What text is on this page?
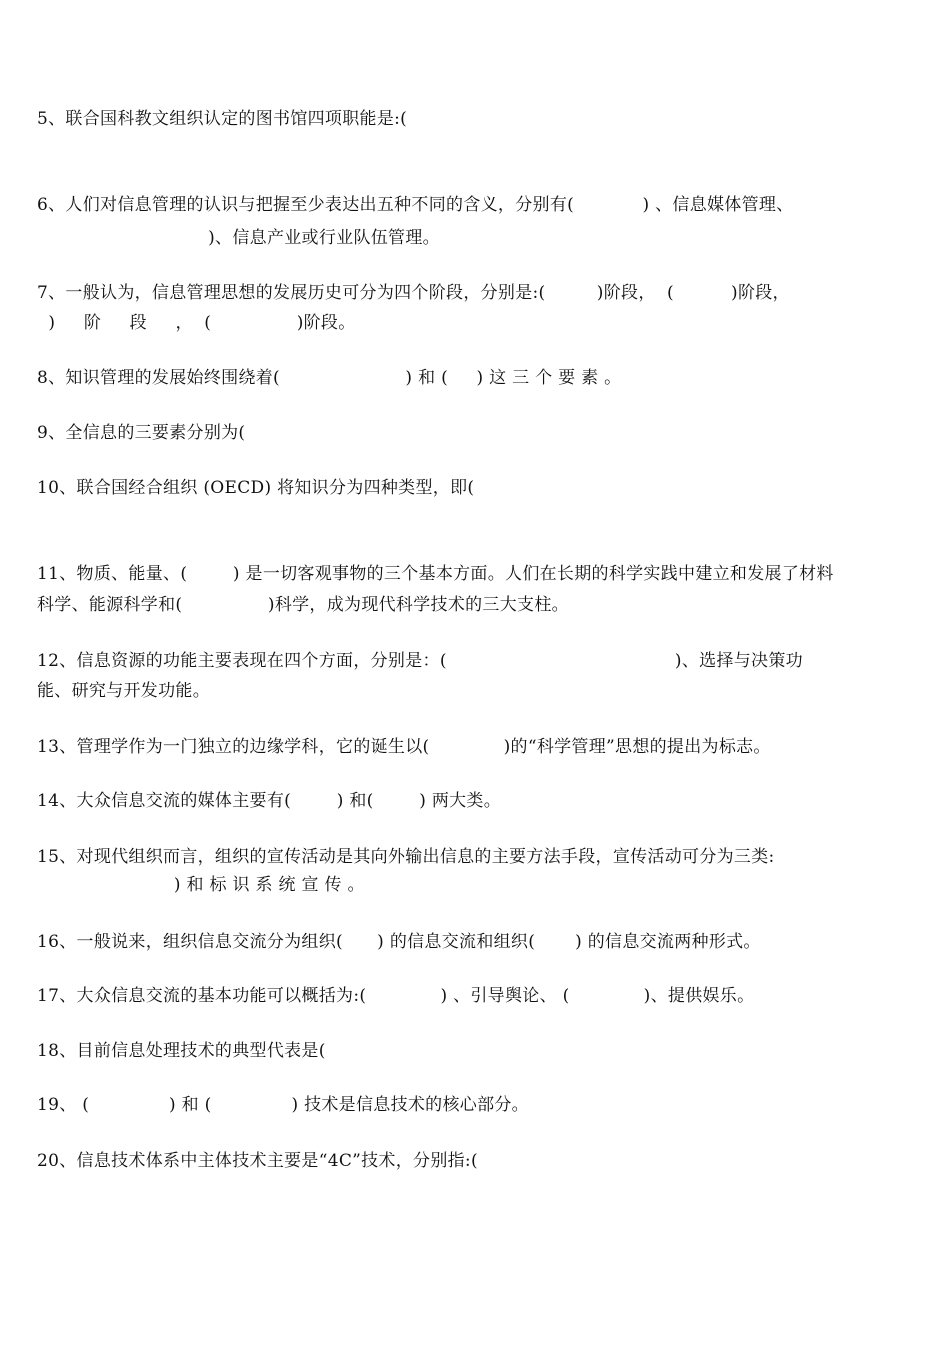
5、联合国科教文组织认定的图书馆四项职能是:(
6、人们对信息管理的认识与把握至少表达出五种不同的含义，分别有(            ) 、信息媒体管理、
)、信息产业或行业队伍管理。
7、一般认为，信息管理思想的发展历史可分为四个阶段，分别是:(         )阶段，  (          )阶段，
)     阶     段     ，  (               )阶段。
8、知识管理的发展始终围绕着(                      ) 和 (     ) 这 三 个 要 素 。
9、全信息的三要素分别为(
10、联合国经合组织 (OECD) 将知识分为四种类型，即(
11、物质、能量、(        ) 是一切客观事物的三个基本方面。人们在长期的科学实践中建立和发展了材料
科学、能源科学和(               )科学，成为现代科学技术的三大支柱。
12、信息资源的功能主要表现在四个方面，分别是：(                                        )、选择与决策功
能、研究与开发功能。
13、管理学作为一门独立的边缘学科，它的诞生以(             )的“科学管理”思想的提出为标志。
14、大众信息交流的媒体主要有(        ) 和(        ) 两大类。
15、对现代组织而言，组织的宣传活动是其向外输出信息的主要方法手段，宣传活动可分为三类:
) 和 标 识 系 统 宣 传 。
16、一般说来，组织信息交流分为组织(      ) 的信息交流和组织(       ) 的信息交流两种形式。
17、大众信息交流的基本功能可以概括为:(             ) 、引导舆论、 (             )、提供娱乐。
18、目前信息处理技术的典型代表是(
19、 (              ) 和 (              ) 技术是信息技术的核心部分。
20、信息技术体系中主体技术主要是“4C”技术，分别指:(
